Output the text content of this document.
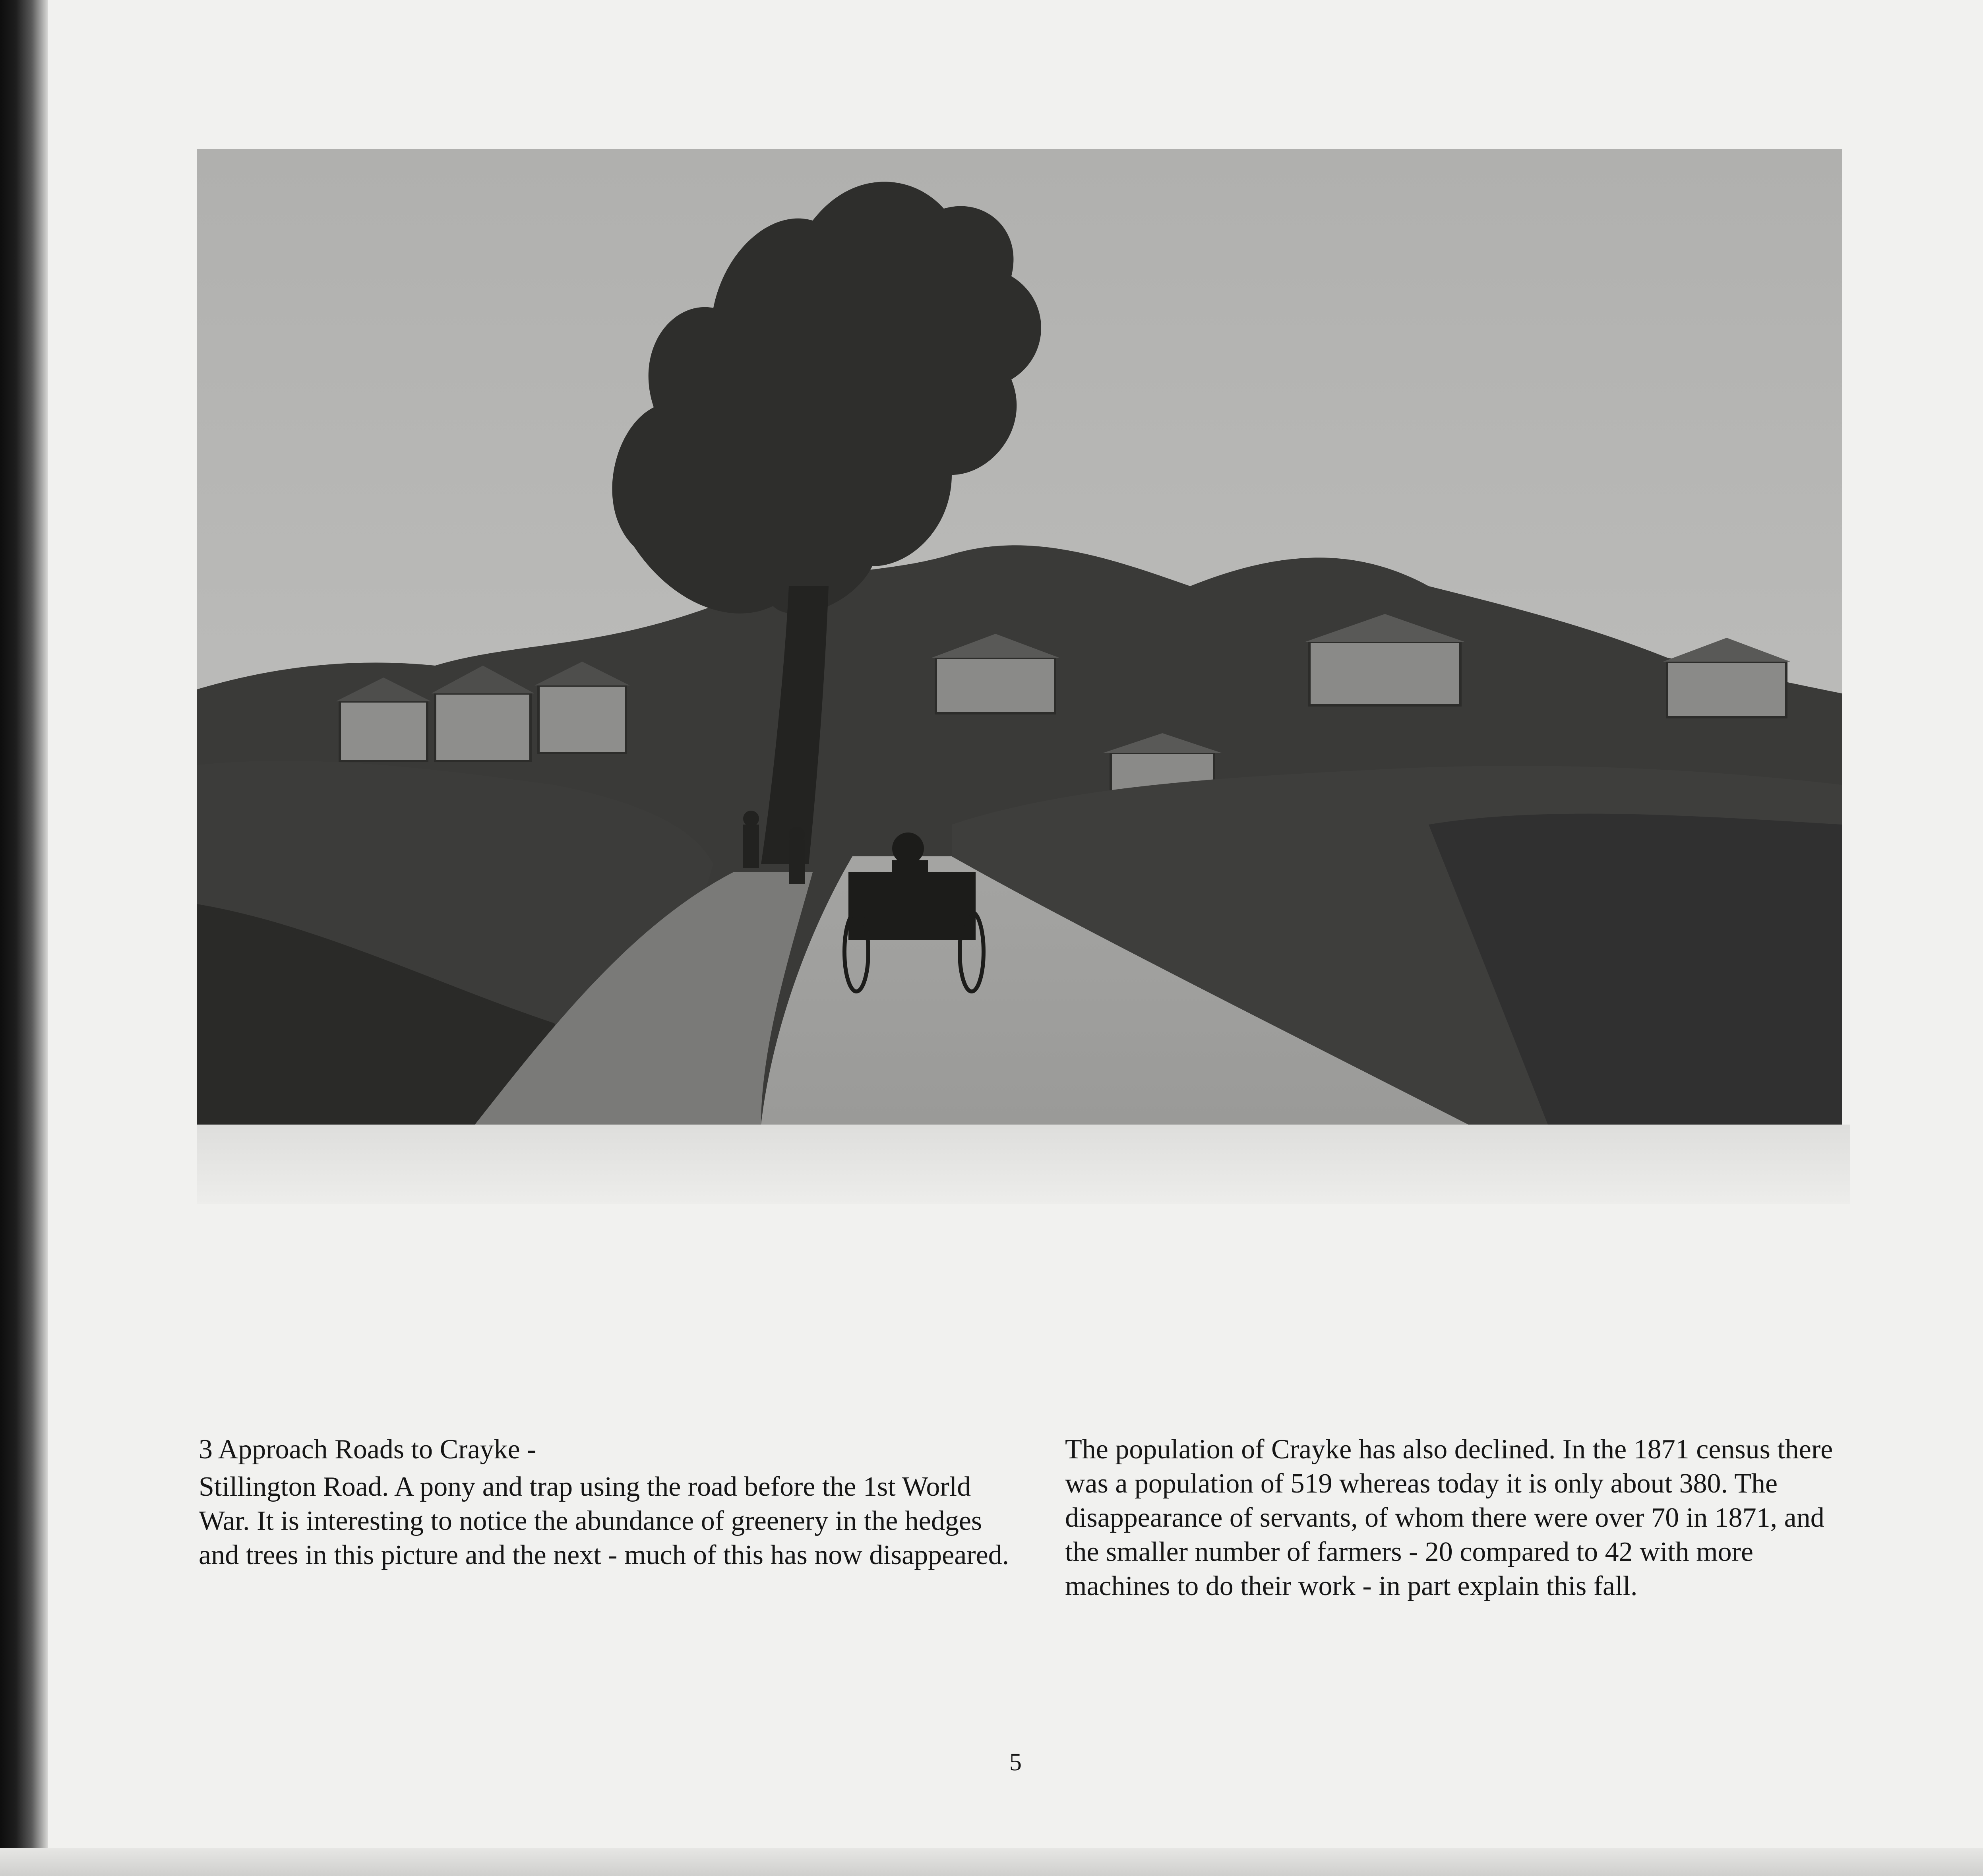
3 Approach Roads to Crayke -

Stillington Road. A pony and trap using the road before the 1st World War. It is interesting to notice the abundance of greenery in the hedges and trees in this picture and the next - much of this has now disappeared.

The population of Crayke has also declined. In the 1871 census there was a population of 519 whereas today it is only about 380. The disappearance of servants, of whom there were over 70 in 1871, and the smaller number of farmers - 20 compared to 42 with more machines to do their work - in part explain this fall.

5
